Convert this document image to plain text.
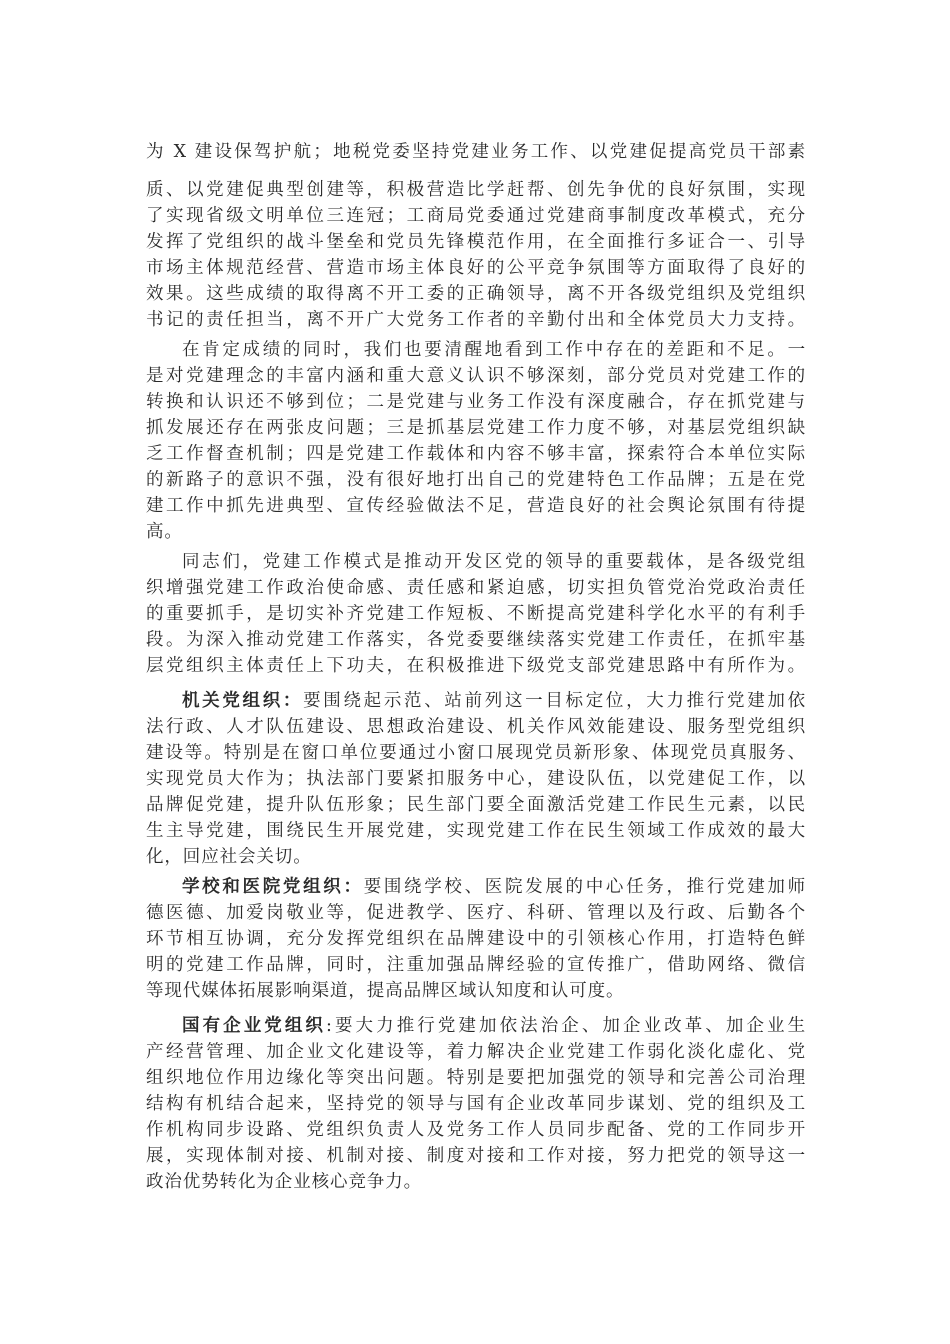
为 X 建设保驾护航；地税党委坚持党建业务工作、以党建促提高党员干部素
质、以党建促典型创建等，积极营造比学赶帮、创先争优的良好氛围，实现
了实现省级文明单位三连冠；工商局党委通过党建商事制度改革模式，充分
发挥了党组织的战斗堡垒和党员先锋模范作用，在全面推行多证合一、引导
市场主体规范经营、营造市场主体良好的公平竞争氛围等方面取得了良好的
效果。这些成绩的取得离不开工委的正确领导，离不开各级党组织及党组织
书记的责任担当，离不开广大党务工作者的辛勤付出和全体党员大力支持。
在肯定成绩的同时，我们也要清醒地看到工作中存在的差距和不足。一
是对党建理念的丰富内涵和重大意义认识不够深刻，部分党员对党建工作的
转换和认识还不够到位；二是党建与业务工作没有深度融合，存在抓党建与
抓发展还存在两张皮问题；三是抓基层党建工作力度不够，对基层党组织缺
乏工作督查机制；四是党建工作载体和内容不够丰富，探索符合本单位实际
的新路子的意识不强，没有很好地打出自己的党建特色工作品牌；五是在党
建工作中抓先进典型、宣传经验做法不足，营造良好的社会舆论氛围有待提
高。
同志们，党建工作模式是推动开发区党的领导的重要载体，是各级党组
织增强党建工作政治使命感、责任感和紧迫感，切实担负管党治党政治责任
的重要抓手，是切实补齐党建工作短板、不断提高党建科学化水平的有利手
段。为深入推动党建工作落实，各党委要继续落实党建工作责任，在抓牢基
层党组织主体责任上下功夫，在积极推进下级党支部党建思路中有所作为。
机关党组织：要围绕起示范、站前列这一目标定位，大力推行党建加依
法行政、人才队伍建设、思想政治建设、机关作风效能建设、服务型党组织
建设等。特别是在窗口单位要通过小窗口展现党员新形象、体现党员真服务、
实现党员大作为；执法部门要紧扣服务中心，建设队伍，以党建促工作，以
品牌促党建，提升队伍形象；民生部门要全面激活党建工作民生元素，以民
生主导党建，围绕民生开展党建，实现党建工作在民生领域工作成效的最大
化，回应社会关切。
学校和医院党组织：要围绕学校、医院发展的中心任务，推行党建加师
德医德、加爱岗敬业等，促进教学、医疗、科研、管理以及行政、后勤各个
环节相互协调，充分发挥党组织在品牌建设中的引领核心作用，打造特色鲜
明的党建工作品牌，同时，注重加强品牌经验的宣传推广，借助网络、微信
等现代媒体拓展影响渠道，提高品牌区域认知度和认可度。
国有企业党组织:要大力推行党建加依法治企、加企业改革、加企业生
产经营管理、加企业文化建设等，着力解决企业党建工作弱化淡化虚化、党
组织地位作用边缘化等突出问题。特别是要把加强党的领导和完善公司治理
结构有机结合起来，坚持党的领导与国有企业改革同步谋划、党的组织及工
作机构同步设路、党组织负责人及党务工作人员同步配备、党的工作同步开
展，实现体制对接、机制对接、制度对接和工作对接，努力把党的领导这一
政治优势转化为企业核心竞争力。
